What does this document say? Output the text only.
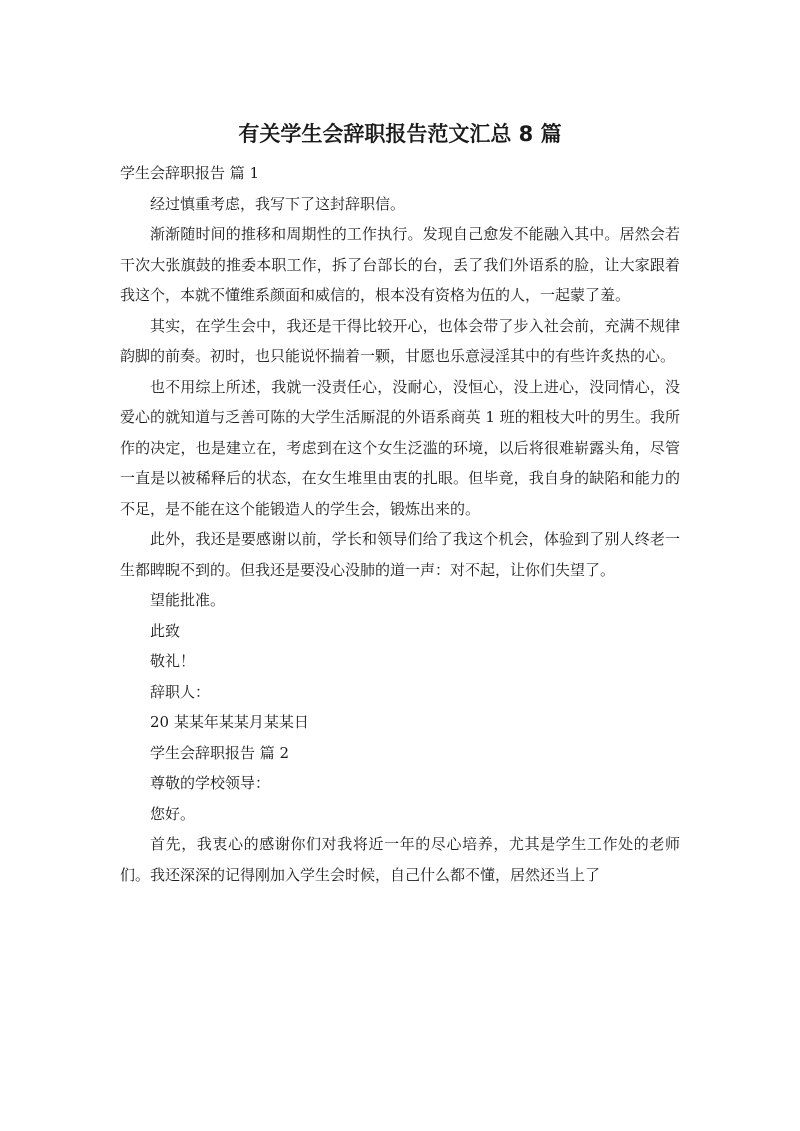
有关学生会辞职报告范文汇总 8 篇

学生会辞职报告 篇 1

经过慎重考虑，我写下了这封辞职信。

渐渐随时间的推移和周期性的工作执行。发现自己愈发不能融入其中。居然会若干次大张旗鼓的推委本职工作，拆了台部长的台，丢了我们外语系的脸，让大家跟着我这个，本就不懂维系颜面和威信的，根本没有资格为伍的人，一起蒙了羞。

其实，在学生会中，我还是干得比较开心，也体会带了步入社会前，充满不规律韵脚的前奏。初时，也只能说怀揣着一颗，甘愿也乐意浸淫其中的有些许炙热的心。

也不用综上所述，我就一没责任心，没耐心，没恒心，没上进心，没同情心，没爱心的就知道与乏善可陈的大学生活厮混的外语系商英 1 班的粗枝大叶的男生。我所作的决定，也是建立在，考虑到在这个女生泛滥的环境，以后将很难崭露头角，尽管一直是以被稀释后的状态，在女生堆里由衷的扎眼。但毕竟，我自身的缺陷和能力的不足，是不能在这个能锻造人的学生会，锻炼出来的。

此外，我还是要感谢以前，学长和领导们给了我这个机会，体验到了别人终老一生都睥睨不到的。但我还是要没心没肺的道一声：对不起，让你们失望了。

望能批准。

此致

敬礼！

辞职人：

20 某某年某某月某某日

学生会辞职报告 篇 2

尊敬的学校领导：

您好。

首先，我衷心的感谢你们对我将近一年的尽心培养，尤其是学生工作处的老师们。我还深深的记得刚加入学生会时候，自己什么都不懂，居然还当上了
